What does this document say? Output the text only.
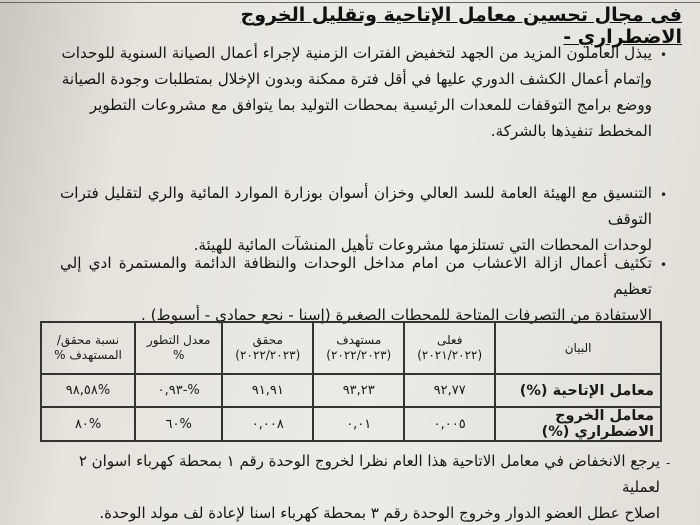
فى مجال تحسين معامل الإتاحية وتقليل الخروج الاضطراري -
•
يبذل العاملون المزيد من الجهد لتخفيض الفترات الزمنية لإجراء أعمال الصيانة السنوية للوحدات
وإتمام أعمال الكشف الدوري عليها في أقل فترة ممكنة وبدون الإخلال بمتطلبات وجودة الصيانة
ووضع برامج التوقفات للمعدات الرئيسية بمحطات التوليد بما يتوافق مع مشروعات التطوير
المخطط تنفيذها بالشركة.
•
التنسيق مع الهيئة العامة للسد العالي وخزان أسوان بوزارة الموارد المائية والري لتقليل فترات التوقف
لوحدات المحطات التي تستلزمها مشروعات تأهيل المنشآت المائية للهيئة.
•
تكثيف أعمال ازالة الاعشاب من امام مداخل الوحدات والنظافة الدائمة والمستمرة ادي إلي تعظيم
الاستفادة من التصرفات المتاحة للمحطات الصغيرة (إسنا - نجع حمادي - أسيوط) .
البيان	فعلى (٢٠٢١/٢٠٢٢)	مستهدف (٢٠٢٢/٢٠٢٣)	محقق (٢٠٢٢/٢٠٢٣)	معدل التطور %	نسبة محقق/ المستهدف %
معامل الإتاحية (%)	٩٢,٧٧	٩٣,٢٣	٩١,٩١	%-٠,٩٣	%٩٨,٥٨
معامل الخروج الاضطراري (%)	٠,٠٠٥	٠,٠١	٠,٠٠٨	%٦٠	%٨٠
-
يرجع الانخفاض في معامل الاتاحية هذا العام نظرا لخروج الوحدة رقم ١ بمحطة كهرباء اسوان ٢ لعملية
اصلاح عطل العضو الدوار وخروج الوحدة رقم ٣ بمحطة كهرباء اسنا لإعادة لف مولد الوحدة.
